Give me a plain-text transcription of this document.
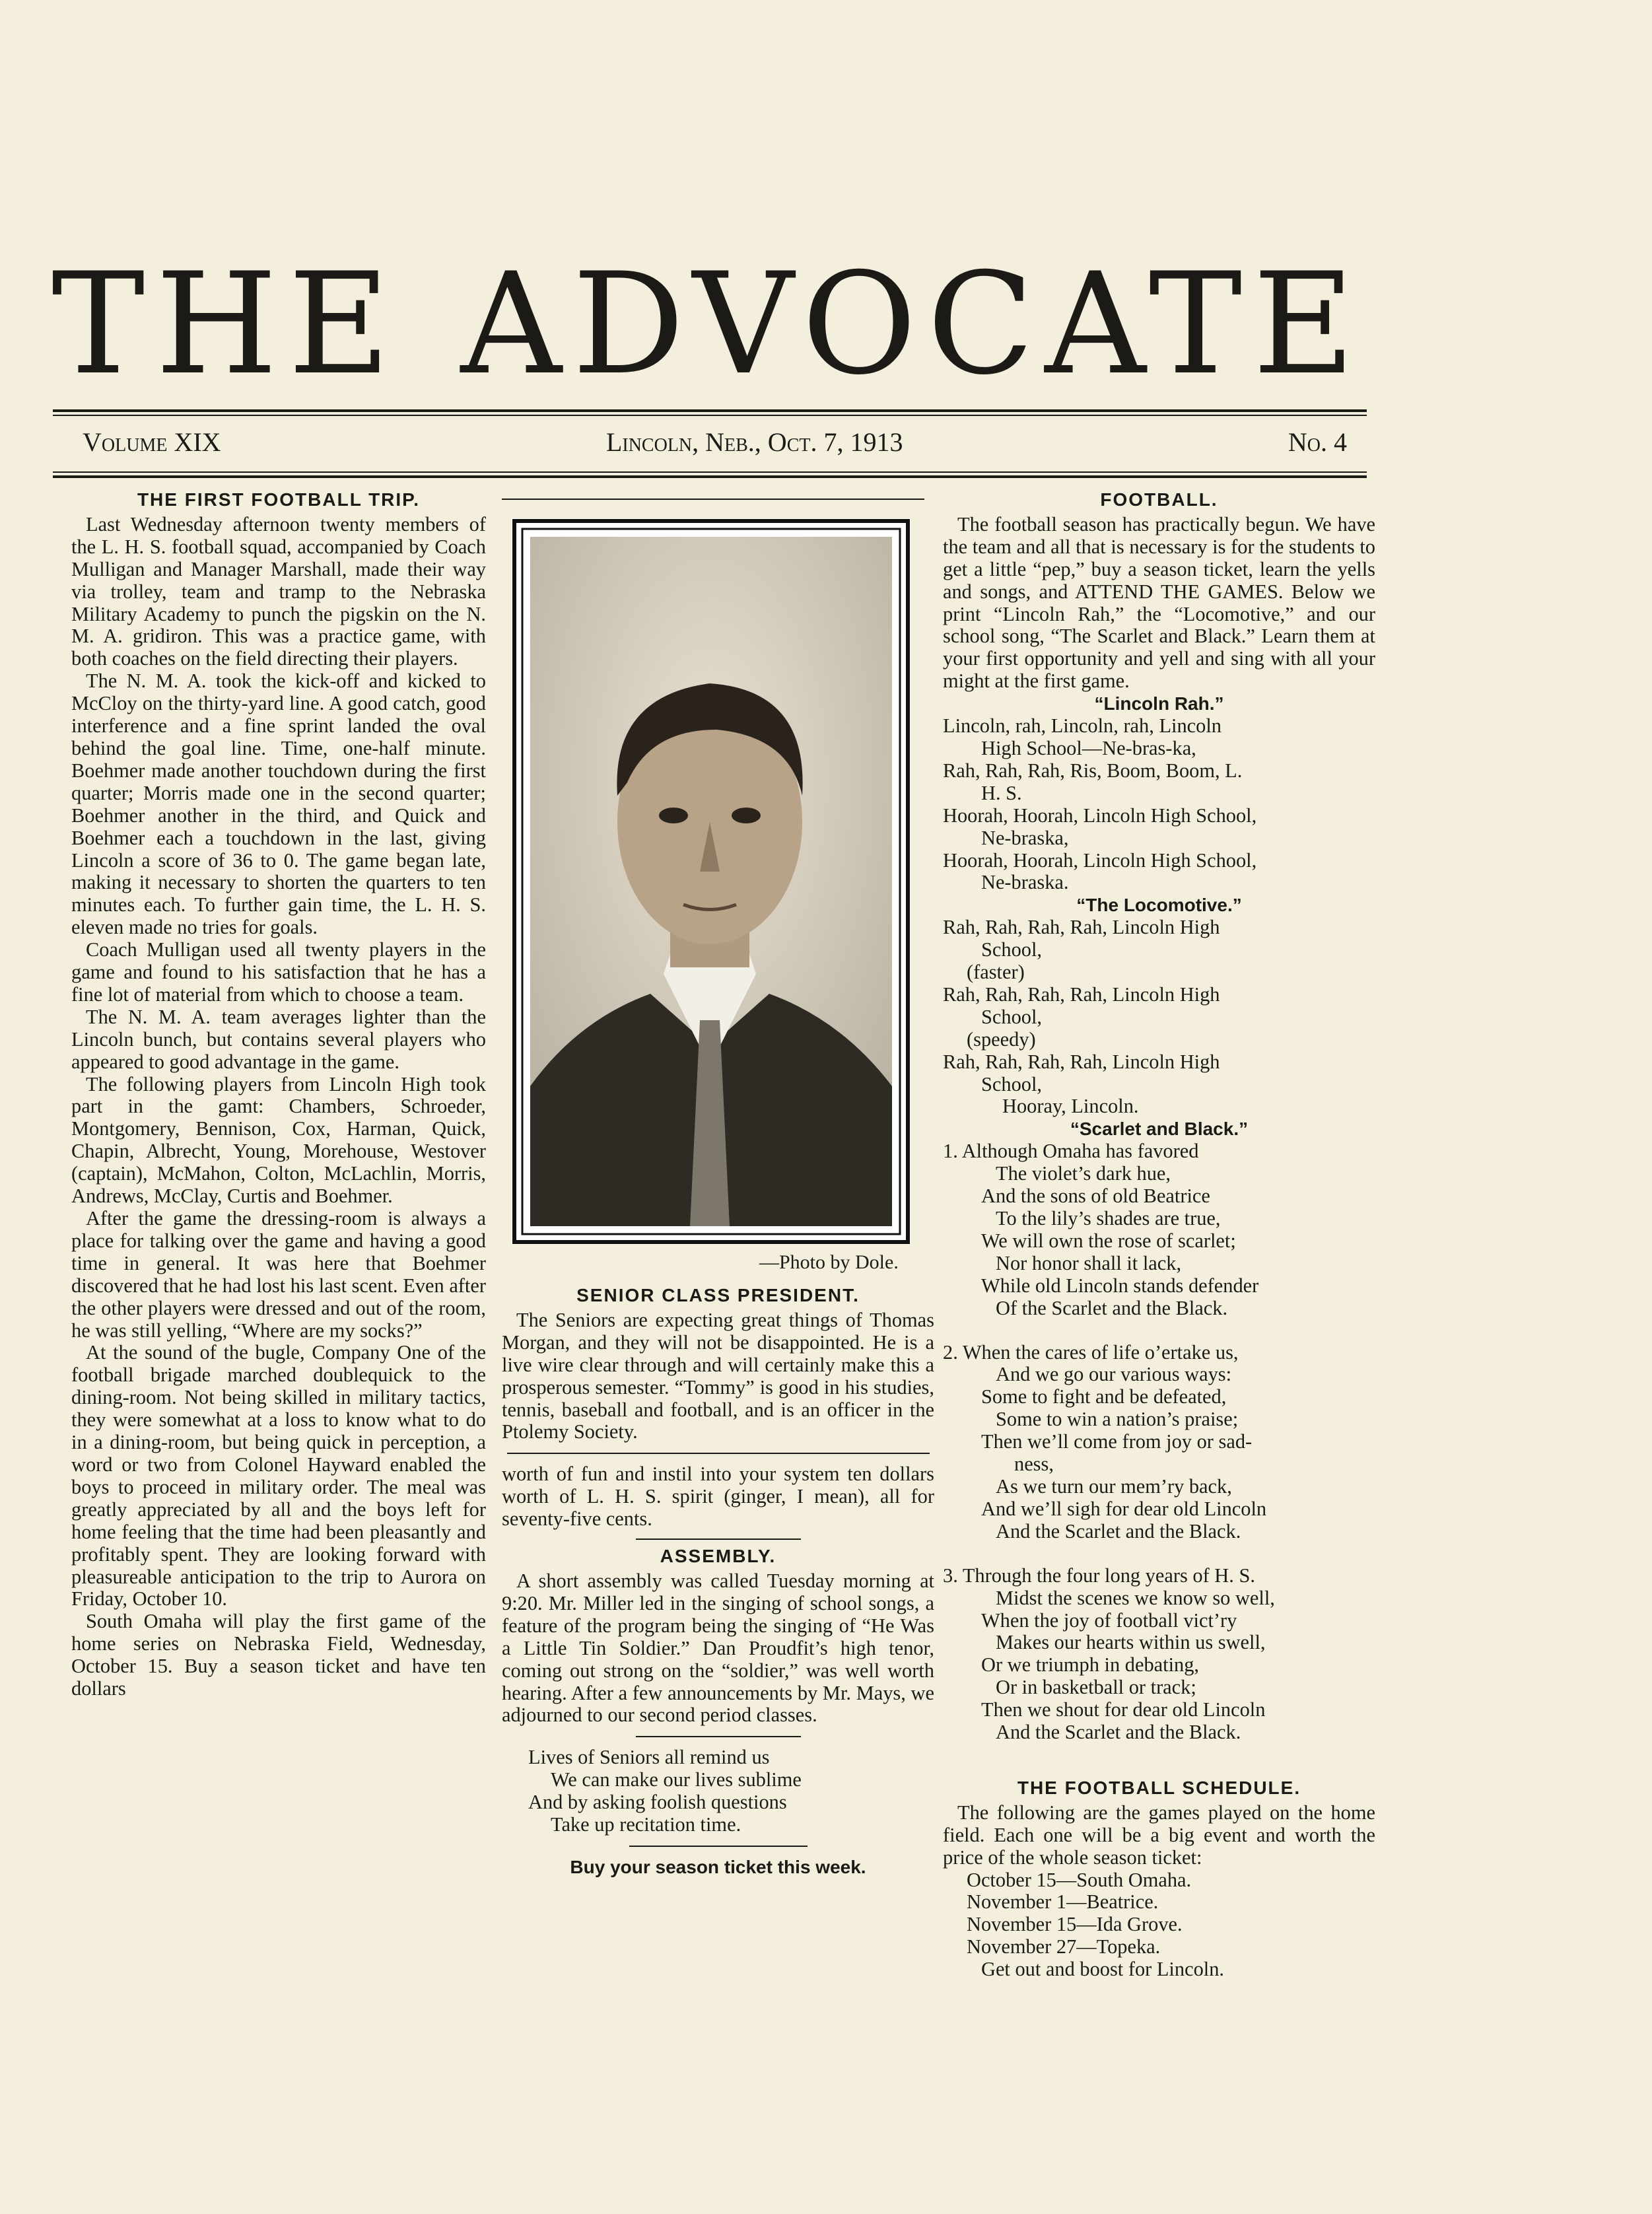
THE ADVOCATE
Volume XIX	Lincoln, Neb., Oct. 7, 1913	No. 4
THE FIRST FOOTBALL TRIP.

Last Wednesday afternoon twenty members of the L. H. S. football squad, accompanied by Coach Mulligan and Manager Marshall, made their way via trolley, team and tramp to the Nebraska Military Academy to punch the pigskin on the N. M. A. gridiron. This was a practice game, with both coaches on the field directing their players.

The N. M. A. took the kick-off and kicked to McCloy on the thirty-yard line. A good catch, good interference and a fine sprint landed the oval behind the goal line. Time, one-half minute. Boehmer made another touchdown during the first quarter; Morris made one in the second quarter; Boehmer another in the third, and Quick and Boehmer each a touchdown in the last, giving Lincoln a score of 36 to 0. The game began late, making it necessary to shorten the quarters to ten minutes each. To further gain time, the L. H. S. eleven made no tries for goals.

Coach Mulligan used all twenty players in the game and found to his satisfaction that he has a fine lot of material from which to choose a team.

The N. M. A. team averages lighter than the Lincoln bunch, but contains several players who appeared to good advantage in the game.

The following players from Lincoln High took part in the gamt: Chambers, Schroeder, Montgomery, Bennison, Cox, Harman, Quick, Chapin, Albrecht, Young, Morehouse, Westover (captain), McMahon, Colton, McLachlin, Morris, Andrews, McClay, Curtis and Boehmer.

After the game the dressing-room is always a place for talking over the game and having a good time in general. It was here that Boehmer discovered that he had lost his last scent. Even after the other players were dressed and out of the room, he was still yelling, “Where are my socks?”

At the sound of the bugle, Company One of the football brigade marched doublequick to the dining-room. Not being skilled in military tactics, they were somewhat at a loss to know what to do in a dining-room, but being quick in perception, a word or two from Colonel Hayward enabled the boys to proceed in military order. The meal was greatly appreciated by all and the boys left for home feeling that the time had been pleasantly and profitably spent. They are looking forward with pleasureable anticipation to the trip to Aurora on Friday, October 10.

South Omaha will play the first game of the home series on Nebraska Field, Wednesday, October 15. Buy a season ticket and have ten dollars

—Photo by Dole.
SENIOR CLASS PRESIDENT.

The Seniors are expecting great things of Thomas Morgan, and they will not be disappointed. He is a live wire clear through and will certainly make this a prosperous semester. “Tommy” is good in his studies, tennis, baseball and football, and is an officer in the Ptolemy Society.

worth of fun and instil into your system ten dollars worth of L. H. S. spirit (ginger, I mean), all for seventy-five cents.

ASSEMBLY.

A short assembly was called Tuesday morning at 9:20. Mr. Miller led in the singing of school songs, a feature of the program being the singing of “He Was a Little Tin Soldier.” Dan Proudfit’s high tenor, coming out strong on the “soldier,” was well worth hearing. After a few announcements by Mr. Mays, we adjourned to our second period classes.

Lives of Seniors all remind us
We can make our lives sublime
And by asking foolish questions
Take up recitation time.
Buy your season ticket this week.
FOOTBALL.

The football season has practically begun. We have the team and all that is necessary is for the students to get a little “pep,” buy a season ticket, learn the yells and songs, and ATTEND THE GAMES. Below we print “Lincoln Rah,” the “Locomotive,” and our school song, “The Scarlet and Black.” Learn them at your first opportunity and yell and sing with all your might at the first game.

“Lincoln Rah.”
Lincoln, rah, Lincoln, rah, Lincoln
High School—Ne-bras-ka,
Rah, Rah, Rah, Ris, Boom, Boom, L.
H. S.
Hoorah, Hoorah, Lincoln High School,
Ne-braska,
Hoorah, Hoorah, Lincoln High School,
Ne-braska.
“The Locomotive.”
Rah, Rah, Rah, Rah, Lincoln High
School,
(faster)
Rah, Rah, Rah, Rah, Lincoln High
School,
(speedy)
Rah, Rah, Rah, Rah, Lincoln High
School,
Hooray, Lincoln.
“Scarlet and Black.”
1. Although Omaha has favored
The violet’s dark hue,
And the sons of old Beatrice
To the lily’s shades are true,
We will own the rose of scarlet;
Nor honor shall it lack,
While old Lincoln stands defender
Of the Scarlet and the Black.
2. When the cares of life o’ertake us,
And we go our various ways:
Some to fight and be defeated,
Some to win a nation’s praise;
Then we’ll come from joy or sad-
ness,
As we turn our mem’ry back,
And we’ll sigh for dear old Lincoln
And the Scarlet and the Black.
3. Through the four long years of H. S.
Midst the scenes we know so well,
When the joy of football vict’ry
Makes our hearts within us swell,
Or we triumph in debating,
Or in basketball or track;
Then we shout for dear old Lincoln
And the Scarlet and the Black.
THE FOOTBALL SCHEDULE.

The following are the games played on the home field. Each one will be a big event and worth the price of the whole season ticket:

October 15—South Omaha.
November 1—Beatrice.
November 15—Ida Grove.
November 27—Topeka.
Get out and boost for Lincoln.
